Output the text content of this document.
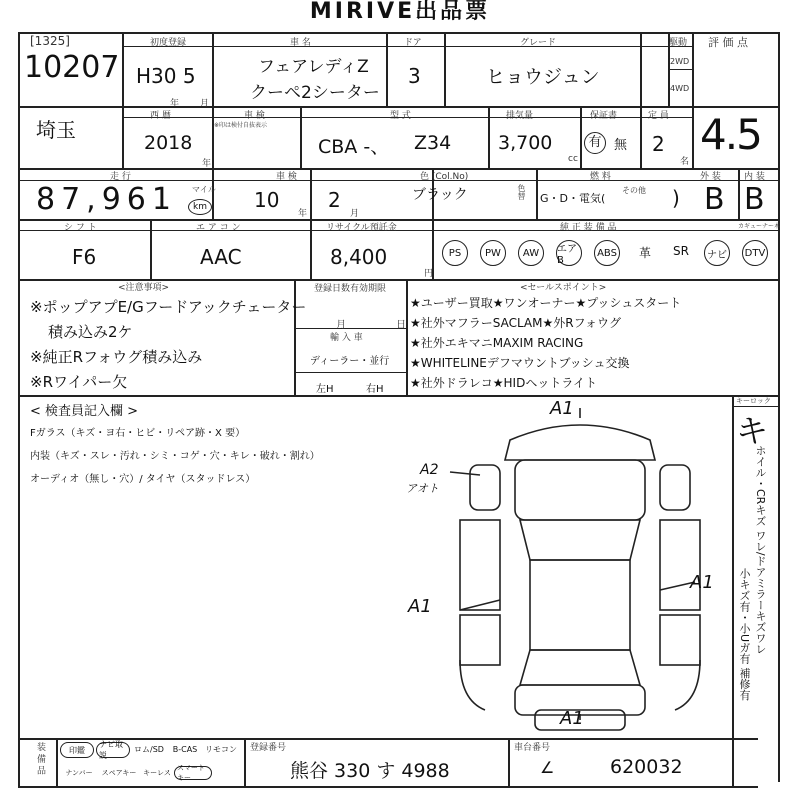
MIRIVE出品票
[1325]
10207
埼玉
初度登録
H30 5
年 月
車 名
フェアレディZ
クーペ2シーター
ドア
3
グレード
ヒョウジュン
駆動
2WD
4WD
評 価 点
西 暦
2018
年
車 検
※印は検付自抜表示
型 式
CBA -、 Z34
排気量
3,700
cc
保証書
有 無
定 員
2
名
4.5
走 行
87,961 マイル
km
車 検
10
年
2
月
色 (Col.No)
ブラック	色替
燃 料
G・D・電気(
その他 )
外 装	内 装
B B
シ フ ト
F6
エ ア コ ン
AAC
リサイクル預託金
8,400
円
純 正 装 備 品	カギューナー本
PS	PW	AW	エアB
ABS	革	SR	ナビ	DTV
<注意事項>
※ポップアプE/Gフードアックチェーター
積み込み2ケ
※純正Rフォウグ積み込み
※Rワイパー欠
登録日数有効期限
月	日
輸 入 車
ディーラー・並行
左H	右H
<セールスポイント>
★ユーザー買取★ワンオーナー★プッシュスタート
★社外マフラーSACLAM★外Rフォウグ
★社外エキマニMAXIM RACING
★WHITELINEデフマウントブッシュ交換
★社外ドラレコ★HIDヘットライト
< 検査員記入欄 >
Fガラス（キズ・ヨ右・ヒビ・リペア跡・X 要）
内装（キズ・スレ・汚れ・シミ・コゲ・穴・キレ・破れ・割れ）
オーディオ（無し・穴）/ タイヤ（スタッドレス）
キーロック
キ
ホイル・CRキズ ワレ/ドアミラーキズワレ
小キズ有・小Uガ有 補修有
A1
A2
アオト
A1
A1
A1
装 備 品	印鑑
ナビ取説
ロム/SD	B-CAS リモコン
ナンバー	スペアキー キーレス
スマートキー
登録番号
熊谷 330 す 4988
車台番号
∠	620032
